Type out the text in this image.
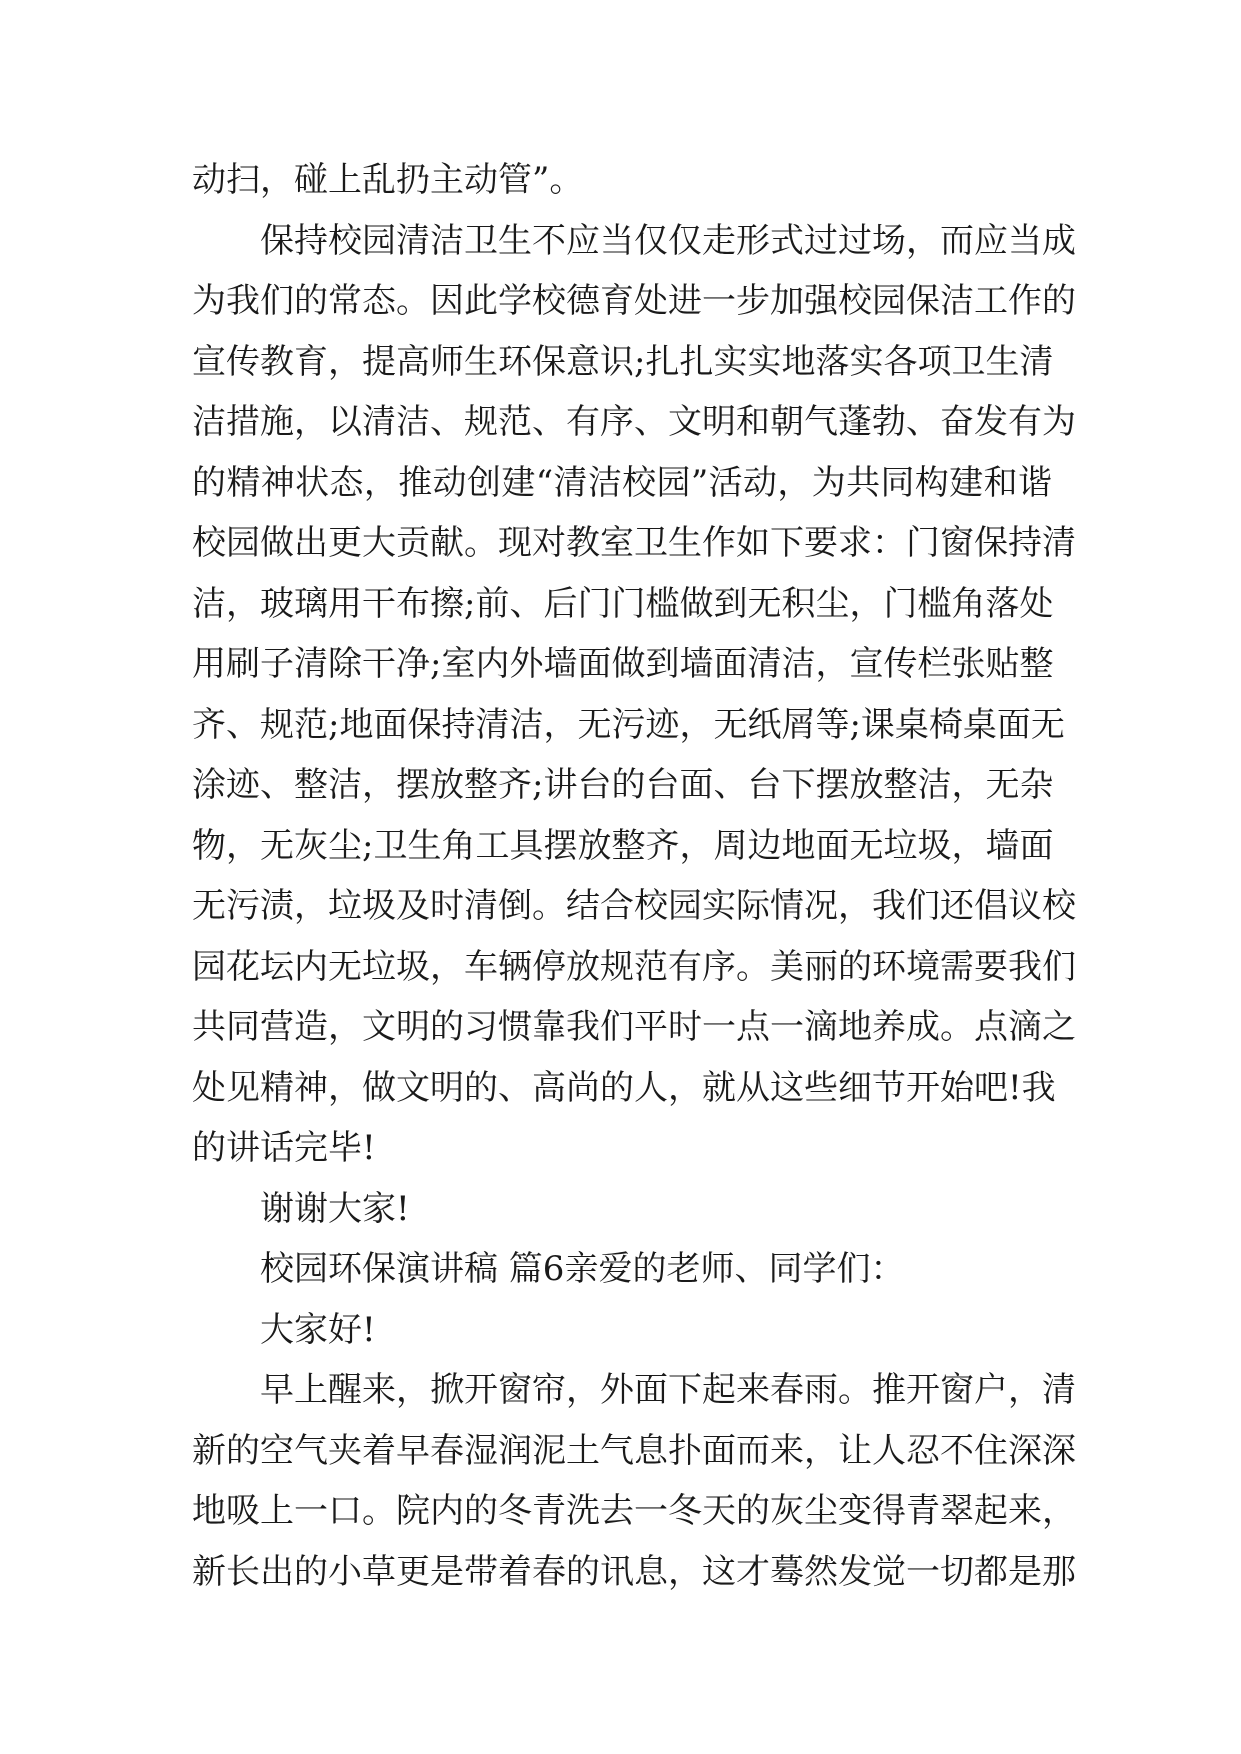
动扫，碰上乱扔主动管”。
保持校园清洁卫生不应当仅仅走形式过过场，而应当成
为我们的常态。因此学校德育处进一步加强校园保洁工作的
宣传教育，提高师生环保意识;扎扎实实地落实各项卫生清
洁措施，以清洁、规范、有序、文明和朝气蓬勃、奋发有为
的精神状态，推动创建“清洁校园”活动，为共同构建和谐
校园做出更大贡献。现对教室卫生作如下要求：门窗保持清
洁，玻璃用干布擦;前、后门门槛做到无积尘，门槛角落处
用刷子清除干净;室内外墙面做到墙面清洁，宣传栏张贴整
齐、规范;地面保持清洁，无污迹，无纸屑等;课桌椅桌面无
涂迹、整洁，摆放整齐;讲台的台面、台下摆放整洁，无杂
物，无灰尘;卫生角工具摆放整齐，周边地面无垃圾，墙面
无污渍，垃圾及时清倒。结合校园实际情况，我们还倡议校
园花坛内无垃圾，车辆停放规范有序。美丽的环境需要我们
共同营造，文明的习惯靠我们平时一点一滴地养成。点滴之
处见精神，做文明的、高尚的人，就从这些细节开始吧!我
的讲话完毕!
谢谢大家!
校园环保演讲稿 篇6亲爱的老师、同学们：
大家好!
早上醒来，掀开窗帘，外面下起来春雨。推开窗户，清
新的空气夹着早春湿润泥土气息扑面而来，让人忍不住深深
地吸上一口。院内的冬青洗去一冬天的灰尘变得青翠起来，
新长出的小草更是带着春的讯息，这才蓦然发觉一切都是那
